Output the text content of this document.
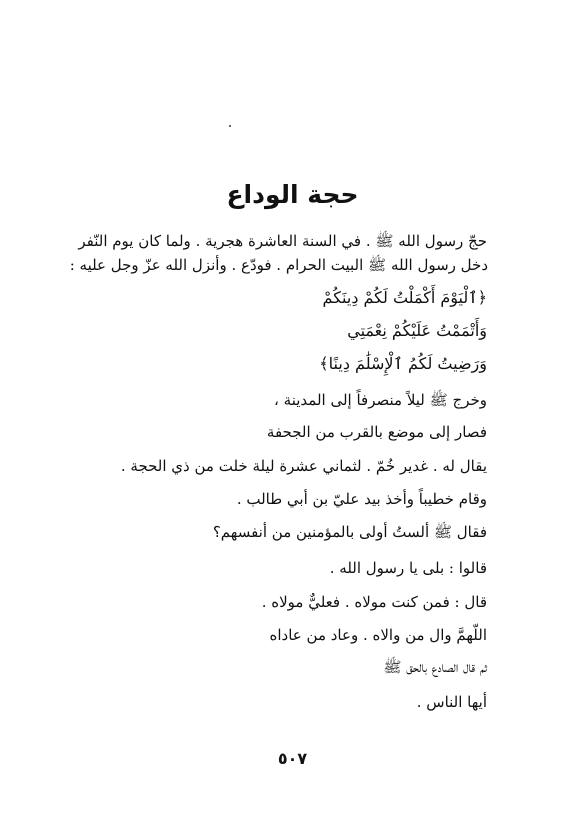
حجة الوداع
حجّ رسول الله ﷺ . في السنة العاشرة هجرية . ولما كان يوم النّفر
دخل رسول الله ﷺ البيت الحرام . فودّع . وأنزل الله عزّ وجل عليه :
﴿ٱلْيَوْمَ أَكْمَلْتُ لَكُمْ دِينَكُمْ
وَأَتْمَمْتُ عَلَيْكُمْ نِعْمَتِي
وَرَضِيتُ لَكُمُ ٱلْإِسْلَٰمَ دِينًا﴾
وخرج ﷺ ليلاً منصرفاً إلى المدينة ،
فصار إلى موضع بالقرب من الجحفة
يقال له . غدير خُمّ . لثماني عشرة ليلة خلت من ذي الحجة .
وقام خطيباً وأخذ بيد عليّ بن أبي طالب .
فقال ﷺ ألستُ أولى بالمؤمنين من أنفسهم؟
قالوا : بلى يا رسول الله .
قال : فمن كنت مولاه . فعليٌّ مولاه .
اللّهمَّ وال من والاه . وعاد من عاداه
ثم قال الصادع بالحق ﷺ
أيها الناس .
٥٠٧
